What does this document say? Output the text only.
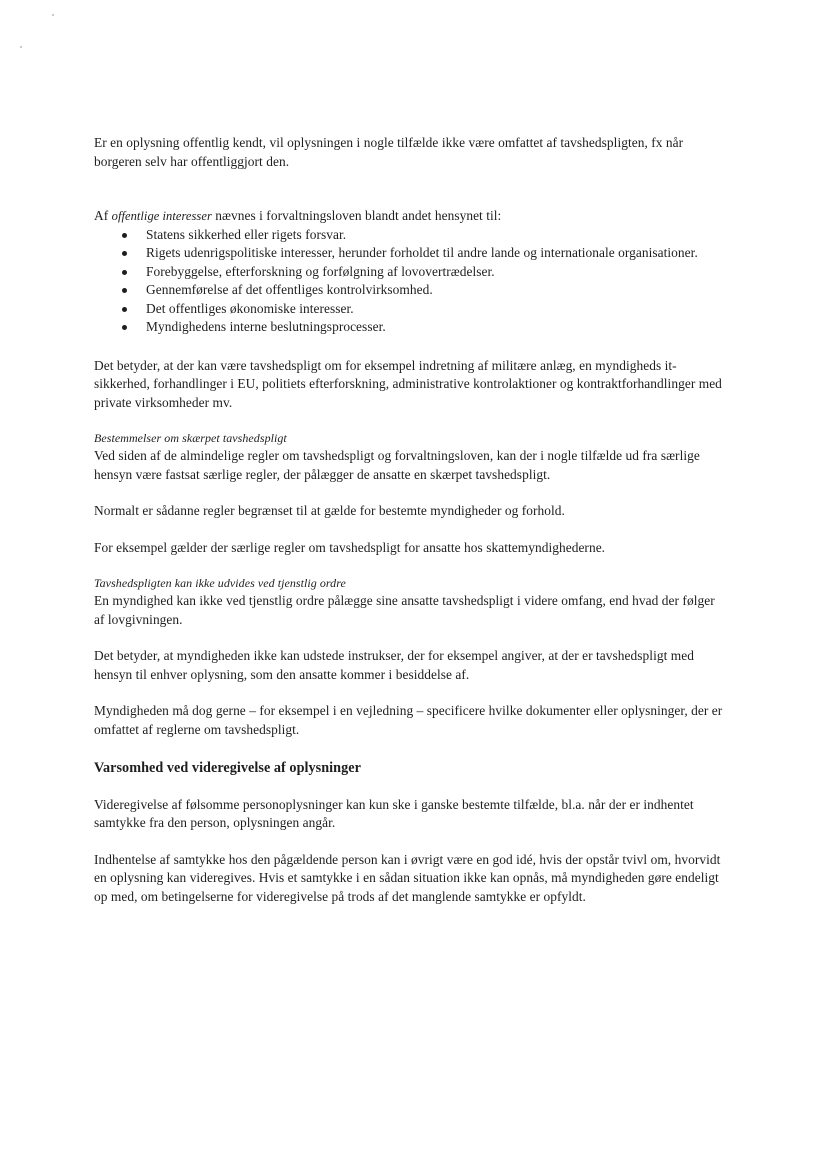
Er en oplysning offentlig kendt, vil oplysningen i nogle tilfælde ikke være omfattet af tavshedspligten, fx når borgeren selv har offentliggjort den.

Af offentlige interesser nævnes i forvaltningsloven blandt andet hensynet til:

Statens sikkerhed eller rigets forsvar.
Rigets udenrigspolitiske interesser, herunder forholdet til andre lande og internationale organisationer.
Forebyggelse, efterforskning og forfølgning af lovovertrædelser.
Gennemførelse af det offentliges kontrolvirksomhed.
Det offentliges økonomiske interesser.
Myndighedens interne beslutningsprocesser.

Det betyder, at der kan være tavshedspligt om for eksempel indretning af militære anlæg, en myndigheds it-sikkerhed, forhandlinger i EU, politiets efterforskning, administrative kontrolaktioner og kontraktforhandlinger med private virksomheder mv.

Bestemmelser om skærpet tavshedspligt

Ved siden af de almindelige regler om tavshedspligt og forvaltningsloven, kan der i nogle tilfælde ud fra særlige hensyn være fastsat særlige regler, der pålægger de ansatte en skærpet tavshedspligt.

Normalt er sådanne regler begrænset til at gælde for bestemte myndigheder og forhold.

For eksempel gælder der særlige regler om tavshedspligt for ansatte hos skattemyndighederne.

Tavshedspligten kan ikke udvides ved tjenstlig ordre

En myndighed kan ikke ved tjenstlig ordre pålægge sine ansatte tavshedspligt i videre omfang, end hvad der følger af lovgivningen.

Det betyder, at myndigheden ikke kan udstede instrukser, der for eksempel angiver, at der er tavshedspligt med hensyn til enhver oplysning, som den ansatte kommer i besiddelse af.

Myndigheden må dog gerne – for eksempel i en vejledning – specificere hvilke dokumenter eller oplysninger, der er omfattet af reglerne om tavshedspligt.

Varsomhed ved videregivelse af oplysninger

Videregivelse af følsomme personoplysninger kan kun ske i ganske bestemte tilfælde, bl.a. når der er indhentet samtykke fra den person, oplysningen angår.

Indhentelse af samtykke hos den pågældende person kan i øvrigt være en god idé, hvis der opstår tvivl om, hvorvidt en oplysning kan videregives. Hvis et samtykke i en sådan situation ikke kan opnås, må myndigheden gøre endeligt op med, om betingelserne for videregivelse på trods af det manglende samtykke er opfyldt.
